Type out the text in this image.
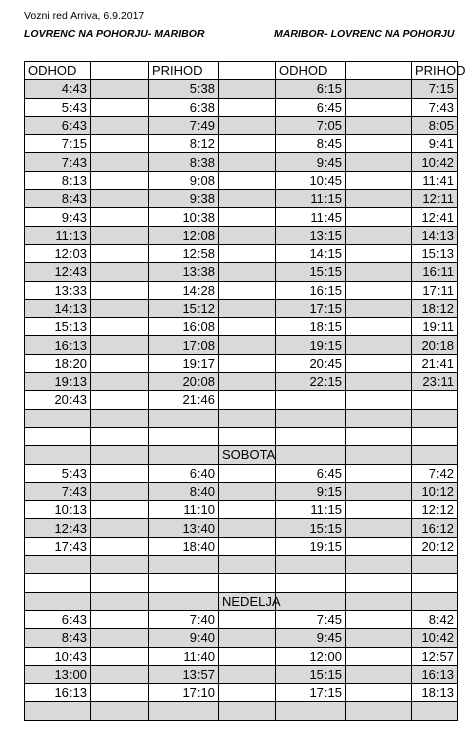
Vozni red Arriva, 6.9.2017
LOVRENC NA POHORJU- MARIBOR	MARIBOR- LOVRENC NA POHORJU
ODHOD		PRIHOD		ODHOD		PRIHOD
4:43		5:38		6:15		7:15
5:43		6:38		6:45		7:43
6:43		7:49		7:05		8:05
7:15		8:12		8:45		9:41
7:43		8:38		9:45		10:42
8:13		9:08		10:45		11:41
8:43		9:38		11:15		12:11
9:43		10:38		11:45		12:41
11:13		12:08		13:15		14:13
12:03		12:58		14:15		15:13
12:43		13:38		15:15		16:11
13:33		14:28		16:15		17:11
14:13		15:12		17:15		18:12
15:13		16:08		18:15		19:11
16:13		17:08		19:15		20:18
18:20		19:17		20:45		21:41
19:13		20:08		22:15		23:11
20:43		21:46				

			SOBOTA			
5:43		6:40		6:45		7:42
7:43		8:40		9:15		10:12
10:13		11:10		11:15		12:12
12:43		13:40		15:15		16:12
17:43		18:40		19:15		20:12

			NEDELJA			
6:43		7:40		7:45		8:42
8:43		9:40		9:45		10:42
10:43		11:40		12:00		12:57
13:00		13:57		15:15		16:13
16:13		17:10		17:15		18:13
